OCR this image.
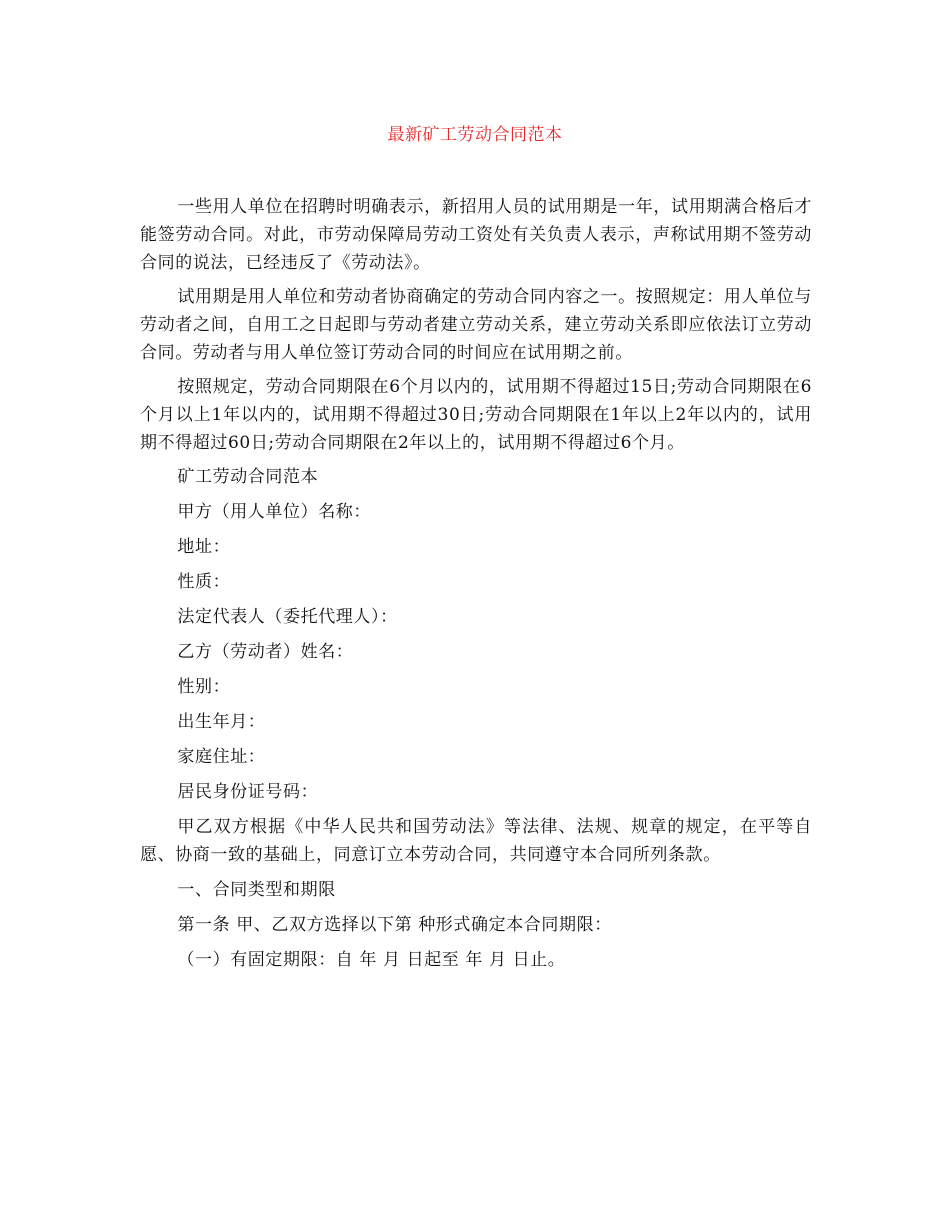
最新矿工劳动合同范本

一些用人单位在招聘时明确表示，新招用人员的试用期是一年，试用期满合格后才能签劳动合同。对此，市劳动保障局劳动工资处有关负责人表示，声称试用期不签劳动合同的说法，已经违反了《劳动法》。

试用期是用人单位和劳动者协商确定的劳动合同内容之一。按照规定：用人单位与劳动者之间，自用工之日起即与劳动者建立劳动关系，建立劳动关系即应依法订立劳动合同。劳动者与用人单位签订劳动合同的时间应在试用期之前。

按照规定，劳动合同期限在6个月以内的，试用期不得超过15日;劳动合同期限在6个月以上1年以内的，试用期不得超过30日;劳动合同期限在1年以上2年以内的，试用期不得超过60日;劳动合同期限在2年以上的，试用期不得超过6个月。

矿工劳动合同范本

甲方（用人单位）名称：

地址：

性质：

法定代表人（委托代理人）：

乙方（劳动者）姓名：

性别：

出生年月：

家庭住址：

居民身份证号码：

甲乙双方根据《中华人民共和国劳动法》等法律、法规、规章的规定，在平等自愿、协商一致的基础上，同意订立本劳动合同，共同遵守本合同所列条款。

一、合同类型和期限

第一条 甲、乙双方选择以下第 种形式确定本合同期限：

（一）有固定期限：自 年 月 日起至 年 月 日止。
